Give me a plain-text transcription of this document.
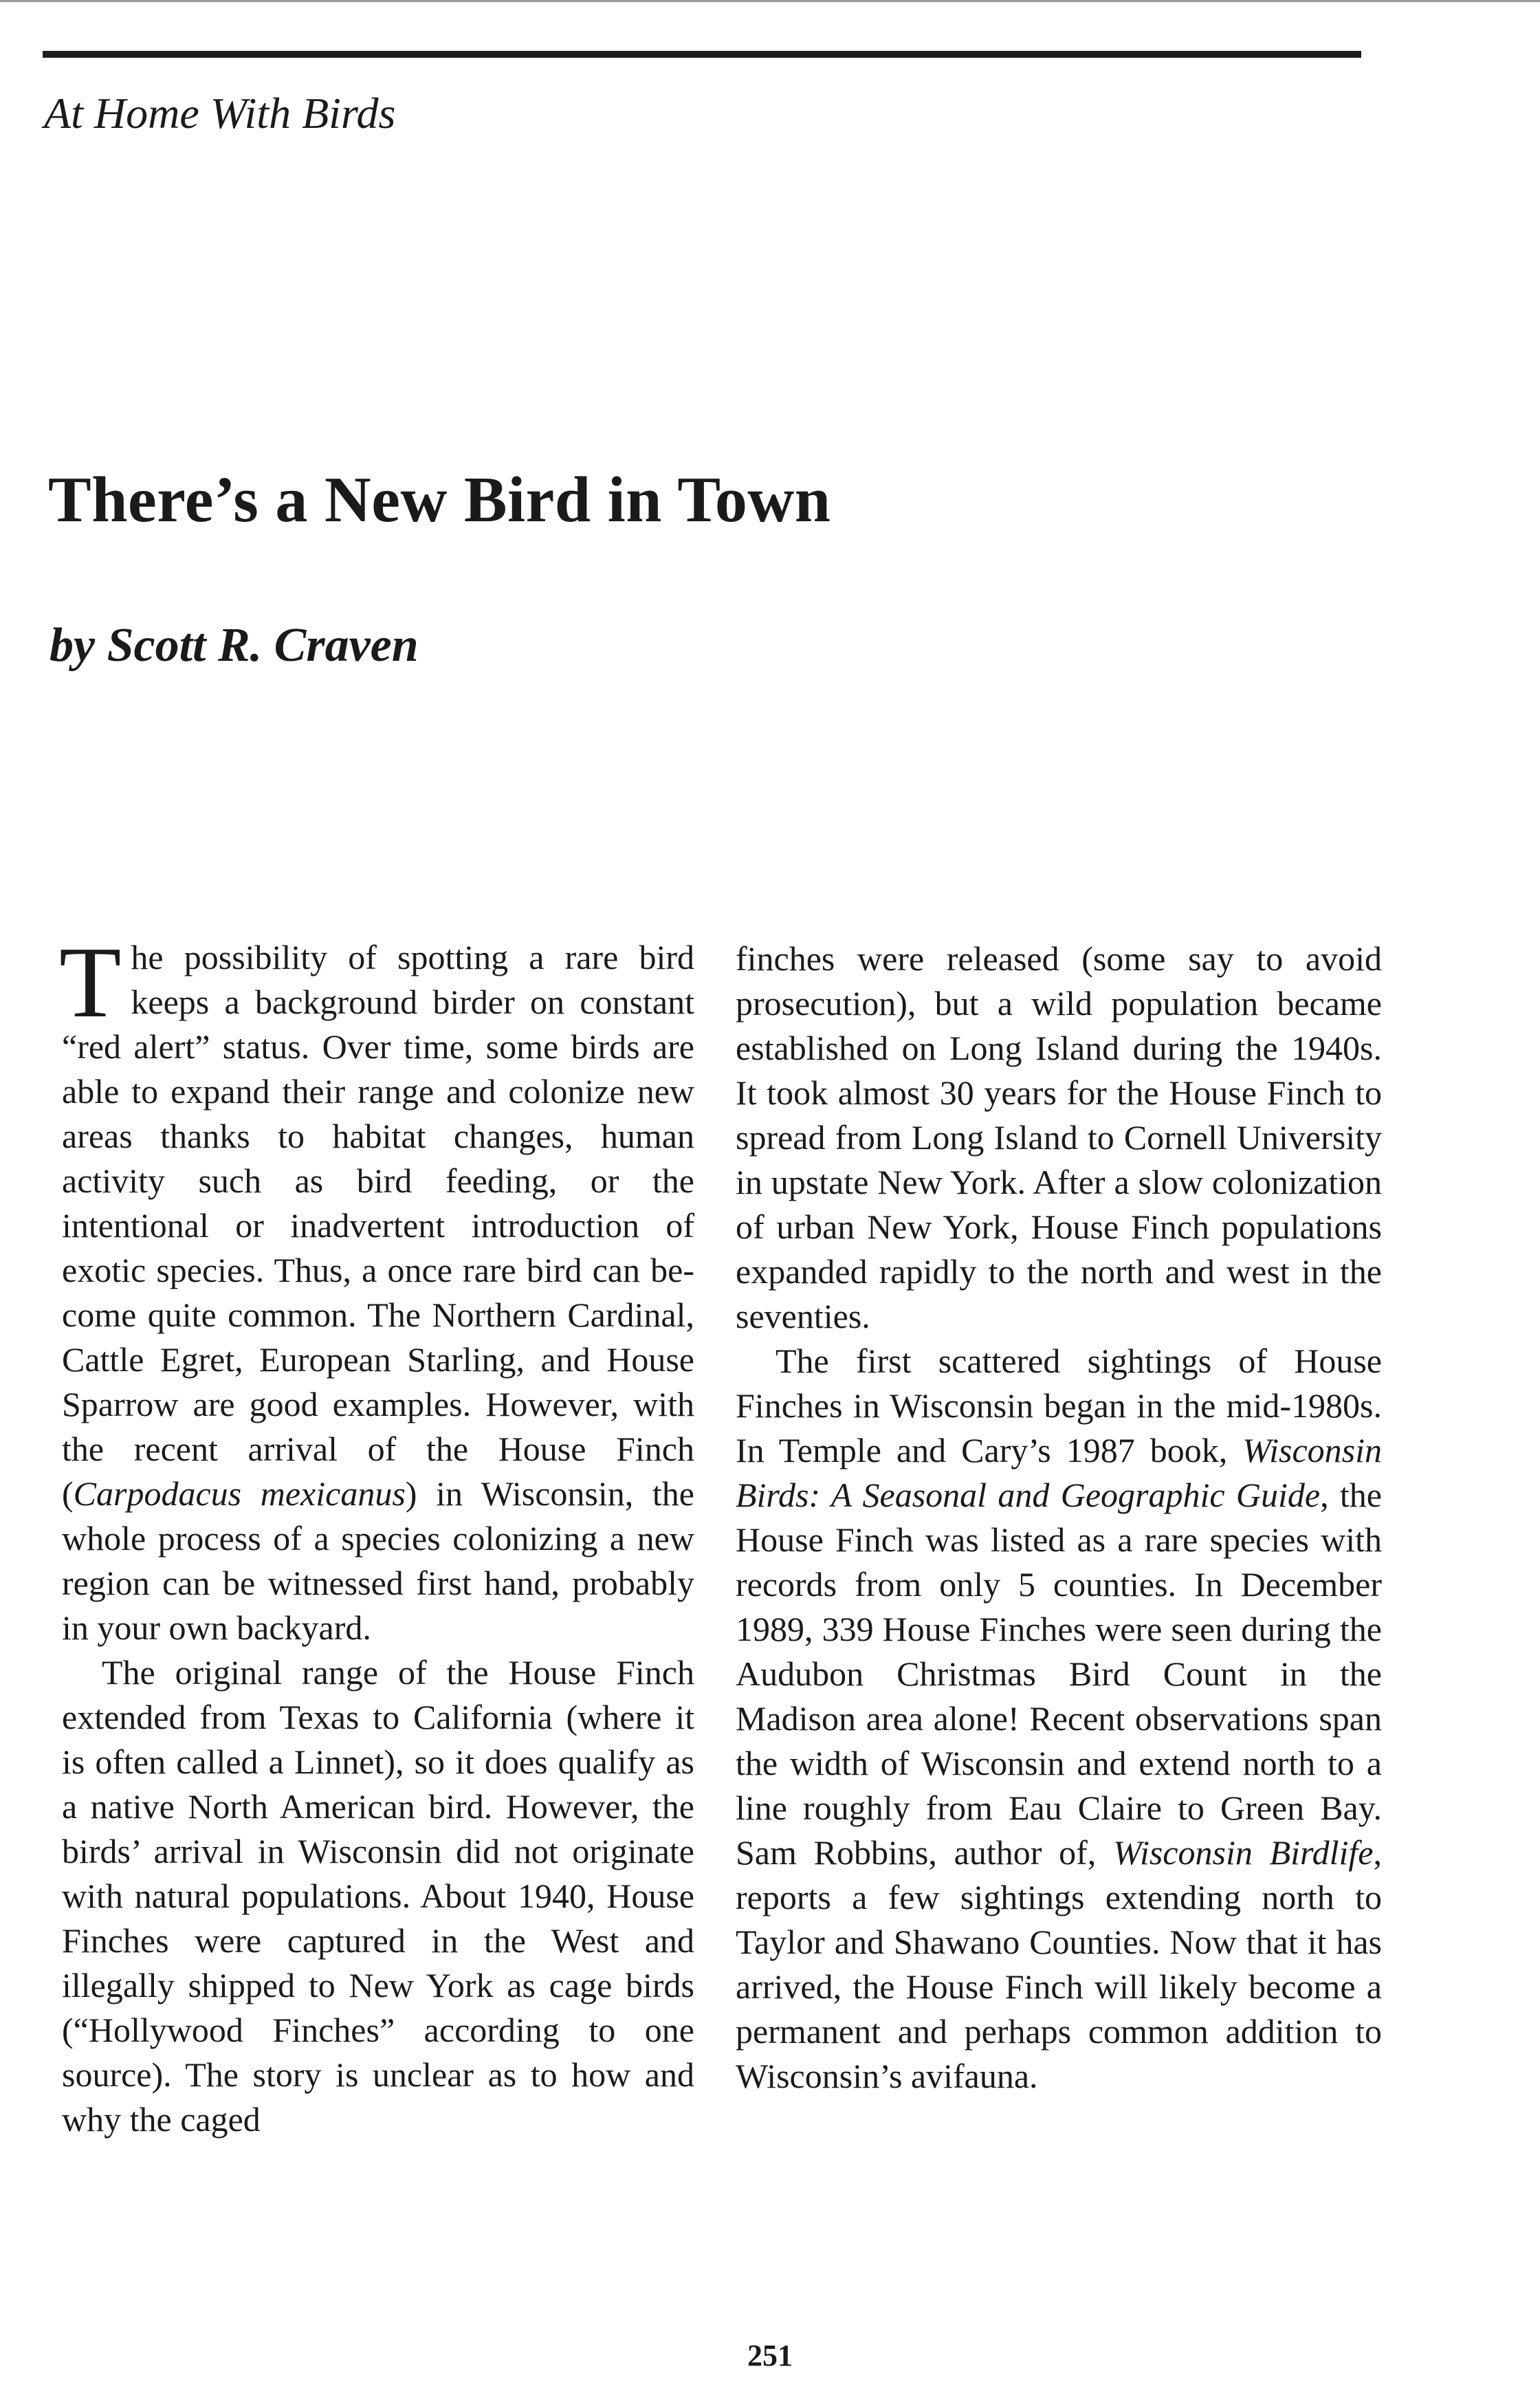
At Home With Birds
There’s a New Bird in Town
by Scott R. Craven

The possibility of spotting a rare bird keeps a background birder on constant “red alert” status. Over time, some birds are able to expand their range and colonize new areas thanks to habitat changes, human activity such as bird feeding, or the intentional or inadvertent introduction of exotic species. Thus, a once rare bird can become quite common. The Northern Cardinal, Cattle Egret, European Starling, and House Sparrow are good examples. However, with the recent arrival of the House Finch (Carpodacus mexicanus) in Wisconsin, the whole process of a species colonizing a new region can be witnessed first hand, probably in your own backyard.

The original range of the House Finch extended from Texas to California (where it is often called a Linnet), so it does qualify as a native North American bird. However, the birds’ arrival in Wisconsin did not originate with natural populations. About 1940, House Finches were captured in the West and illegally shipped to New York as cage birds (“Hollywood Finches” according to one source). The story is unclear as to how and why the caged

finches were released (some say to avoid prosecution), but a wild population became established on Long Island during the 1940s. It took almost 30 years for the House Finch to spread from Long Island to Cornell University in upstate New York. After a slow colonization of urban New York, House Finch populations expanded rapidly to the north and west in the seventies.

The first scattered sightings of House Finches in Wisconsin began in the mid-1980s. In Temple and Cary’s 1987 book, Wisconsin Birds: A Seasonal and Geographic Guide, the House Finch was listed as a rare species with records from only 5 counties. In December 1989, 339 House Finches were seen during the Audubon Christmas Bird Count in the Madison area alone! Recent observations span the width of Wisconsin and extend north to a line roughly from Eau Claire to Green Bay. Sam Robbins, author of, Wisconsin Birdlife, reports a few sightings extending north to Taylor and Shawano Counties. Now that it has arrived, the House Finch will likely become a permanent and perhaps common addition to Wisconsin’s avifauna.

251
